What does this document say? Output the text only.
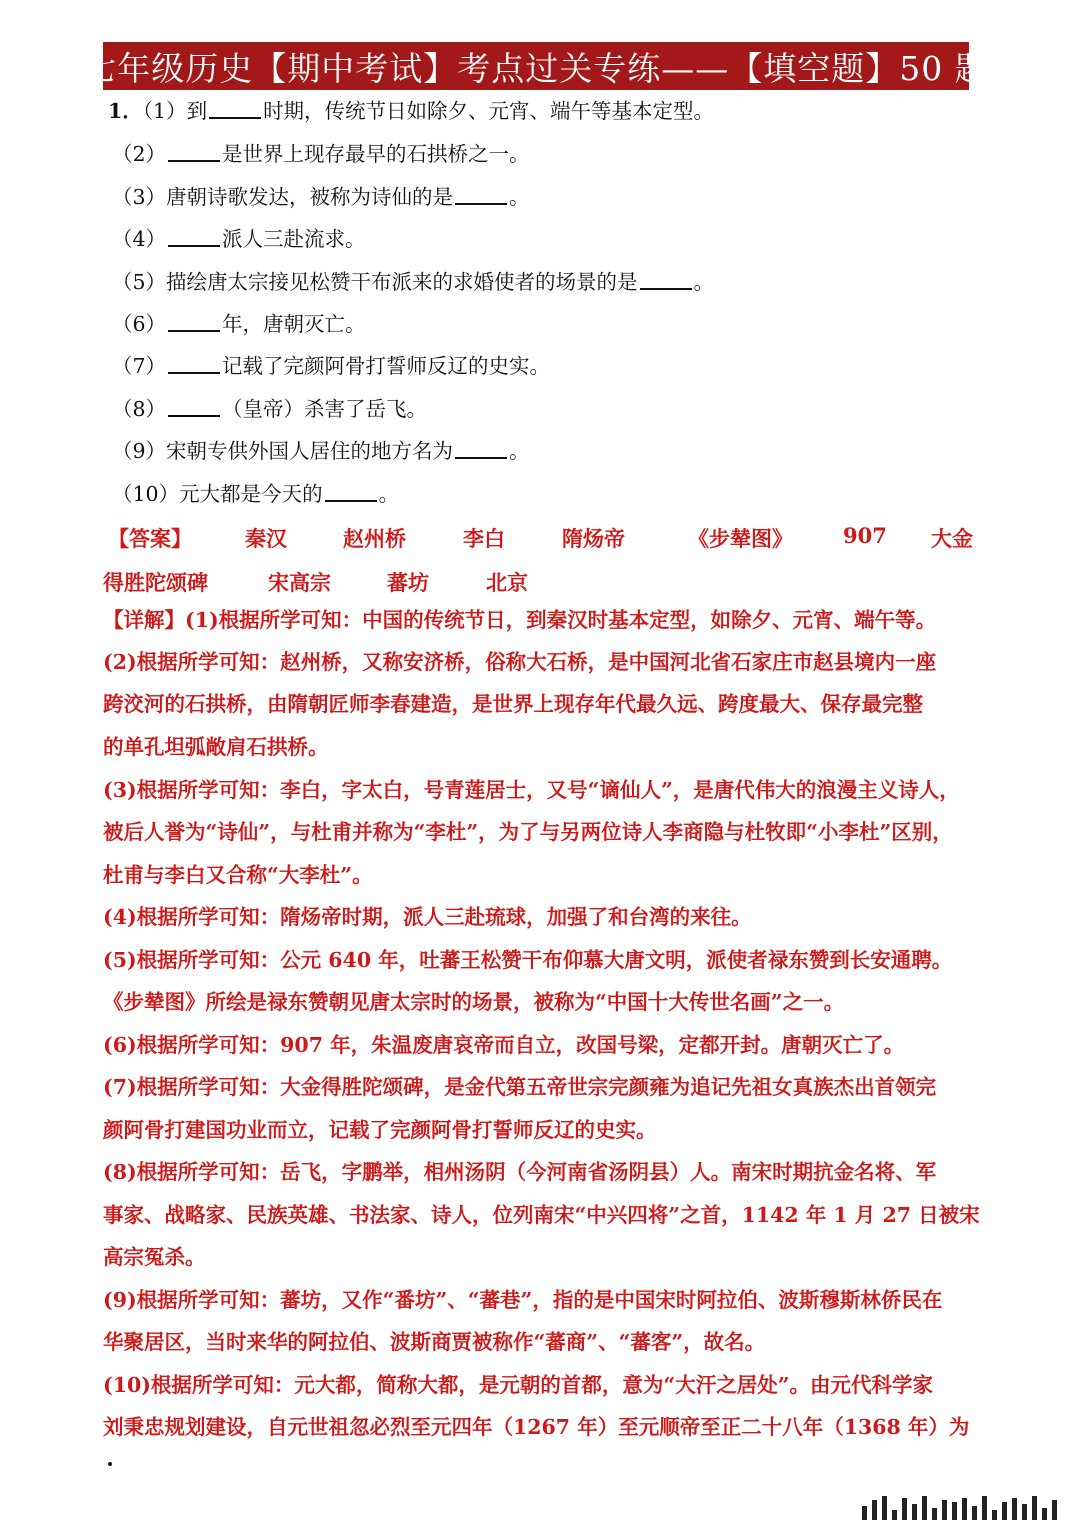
七年级历史【期中考试】考点过关专练——【填空题】50 题
1．（1）到	时期，传统节日如除夕、元宵、端午等基本定型。
（2）	是世界上现存最早的石拱桥之一。
（3）唐朝诗歌发达，被称为诗仙的是	。
（4）	派人三赴流求。
（5）描绘唐太宗接见松赞干布派来的求婚使者的场景的是	。
（6）	年，唐朝灭亡。
（7）	记载了完颜阿骨打誓师反辽的史实。
（8）	（皇帝）杀害了岳飞。
（9）宋朝专供外国人居住的地方名为	。
（10）元大都是今天的	。
【答案】	秦汉	赵州桥	李白	隋炀帝	《步辇图》 907 大金
得胜陀颂碑	宋高宗	蕃坊	北京
【详解】(1)根据所学可知：中国的传统节日，到秦汉时基本定型，如除夕、元宵、端午等。
(2)根据所学可知：赵州桥，又称安济桥，俗称大石桥，是中国河北省石家庄市赵县境内一座
跨洨河的石拱桥，由隋朝匠师李春建造，是世界上现存年代最久远、跨度最大、保存最完整
的单孔坦弧敞肩石拱桥。
(3)根据所学可知：李白，字太白，号青莲居士，又号“谪仙人”，是唐代伟大的浪漫主义诗人，
被后人誉为“诗仙”，与杜甫并称为“李杜”，为了与另两位诗人李商隐与杜牧即“小李杜”区别，
杜甫与李白又合称“大李杜”。
(4)根据所学可知：隋炀帝时期，派人三赴琉球，加强了和台湾的来往。
(5)根据所学可知：公元 640 年，吐蕃王松赞干布仰慕大唐文明，派使者禄东赞到长安通聘。
《步辇图》所绘是禄东赞朝见唐太宗时的场景，被称为“中国十大传世名画”之一。
(6)根据所学可知：907 年，朱温废唐哀帝而自立，改国号梁，定都开封。唐朝灭亡了。
(7)根据所学可知：大金得胜陀颂碑，是金代第五帝世宗完颜雍为追记先祖女真族杰出首领完
颜阿骨打建国功业而立，记载了完颜阿骨打誓师反辽的史实。
(8)根据所学可知：岳飞，字鹏举，相州汤阴（今河南省汤阴县）人。南宋时期抗金名将、军
事家、战略家、民族英雄、书法家、诗人，位列南宋“中兴四将”之首，1142 年 1 月 27 日被宋
高宗冤杀。
(9)根据所学可知：蕃坊，又作“番坊”、“蕃巷”，指的是中国宋时阿拉伯、波斯穆斯林侨民在
华聚居区，当时来华的阿拉伯、波斯商贾被称作“蕃商”、“蕃客”，故名。
(10)根据所学可知：元大都，简称大都，是元朝的首都，意为“大汗之居处”。由元代科学家
刘秉忠规划建设，自元世祖忽必烈至元四年（1267 年）至元顺帝至正二十八年（1368 年）为
